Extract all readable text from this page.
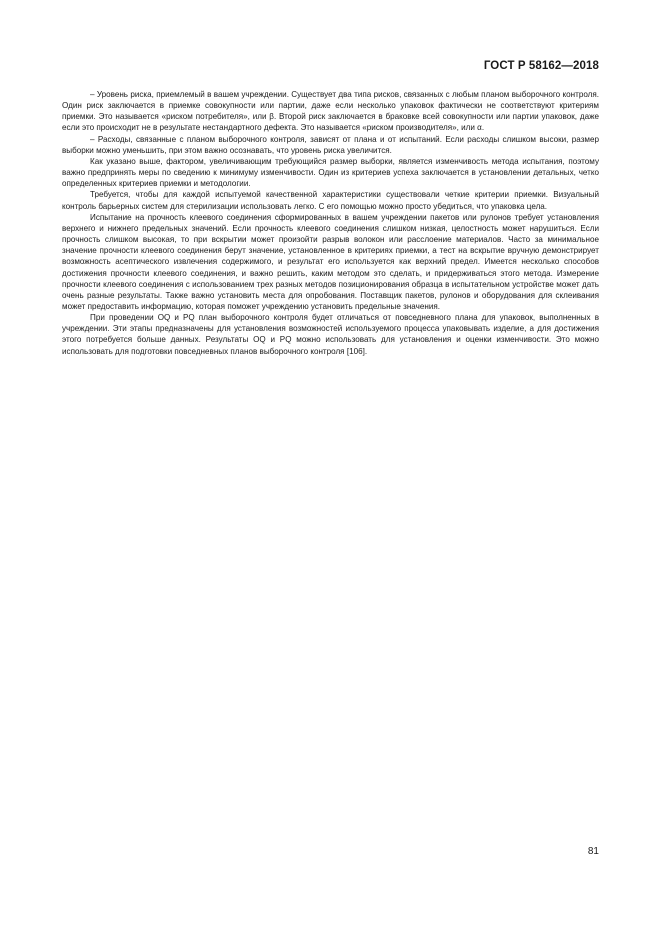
ГОСТ Р 58162—2018

– Уровень риска, приемлемый в вашем учреждении. Существует два типа рисков, связанных с любым планом выборочного контроля. Один риск заключается в приемке совокупности или партии, даже если несколько упаковок фактически не соответствуют критериям приемки. Это называется «риском потребителя», или β. Второй риск заключается в браковке всей совокупности или партии упаковок, даже если это происходит не в результате нестандартного дефекта. Это называется «риском производителя», или α.

– Расходы, связанные с планом выборочного контроля, зависят от плана и от испытаний. Если расходы слишком высоки, размер выборки можно уменьшить, при этом важно осознавать, что уровень риска увеличится.

Как указано выше, фактором, увеличивающим требующийся размер выборки, является изменчивость метода испытания, поэтому важно предпринять меры по сведению к минимуму изменчивости. Один из критериев успеха заключается в установлении детальных, четко определенных критериев приемки и методологии.

Требуется, чтобы для каждой испытуемой качественной характеристики существовали четкие критерии приемки. Визуальный контроль барьерных систем для стерилизации использовать легко. С его помощью можно просто убедиться, что упаковка цела.

Испытание на прочность клеевого соединения сформированных в вашем учреждении пакетов или рулонов требует установления верхнего и нижнего предельных значений. Если прочность клеевого соединения слишком низкая, целостность может нарушиться. Если прочность слишком высокая, то при вскрытии может произойти разрыв волокон или расслоение материалов. Часто за минимальное значение прочности клеевого соединения берут значение, установленное в критериях приемки, а тест на вскрытие вручную демонстрирует возможность асептического извлечения содержимого, и результат его используется как верхний предел. Имеется несколько способов достижения прочности клеевого соединения, и важно решить, каким методом это сделать, и придерживаться этого метода. Измерение прочности клеевого соединения с использованием трех разных методов позиционирования образца в испытательном устройстве может дать очень разные результаты. Также важно установить места для опробования. Поставщик пакетов, рулонов и оборудования для склеивания может предоставить информацию, которая поможет учреждению установить предельные значения.

При проведении OQ и PQ план выборочного контроля будет отличаться от повседневного плана для упаковок, выполненных в учреждении. Эти этапы предназначены для установления возможностей используемого процесса упаковывать изделие, а для достижения этого потребуется больше данных. Результаты OQ и PQ можно использовать для установления и оценки изменчивости. Это можно использовать для подготовки повседневных планов выборочного контроля [106].

81
